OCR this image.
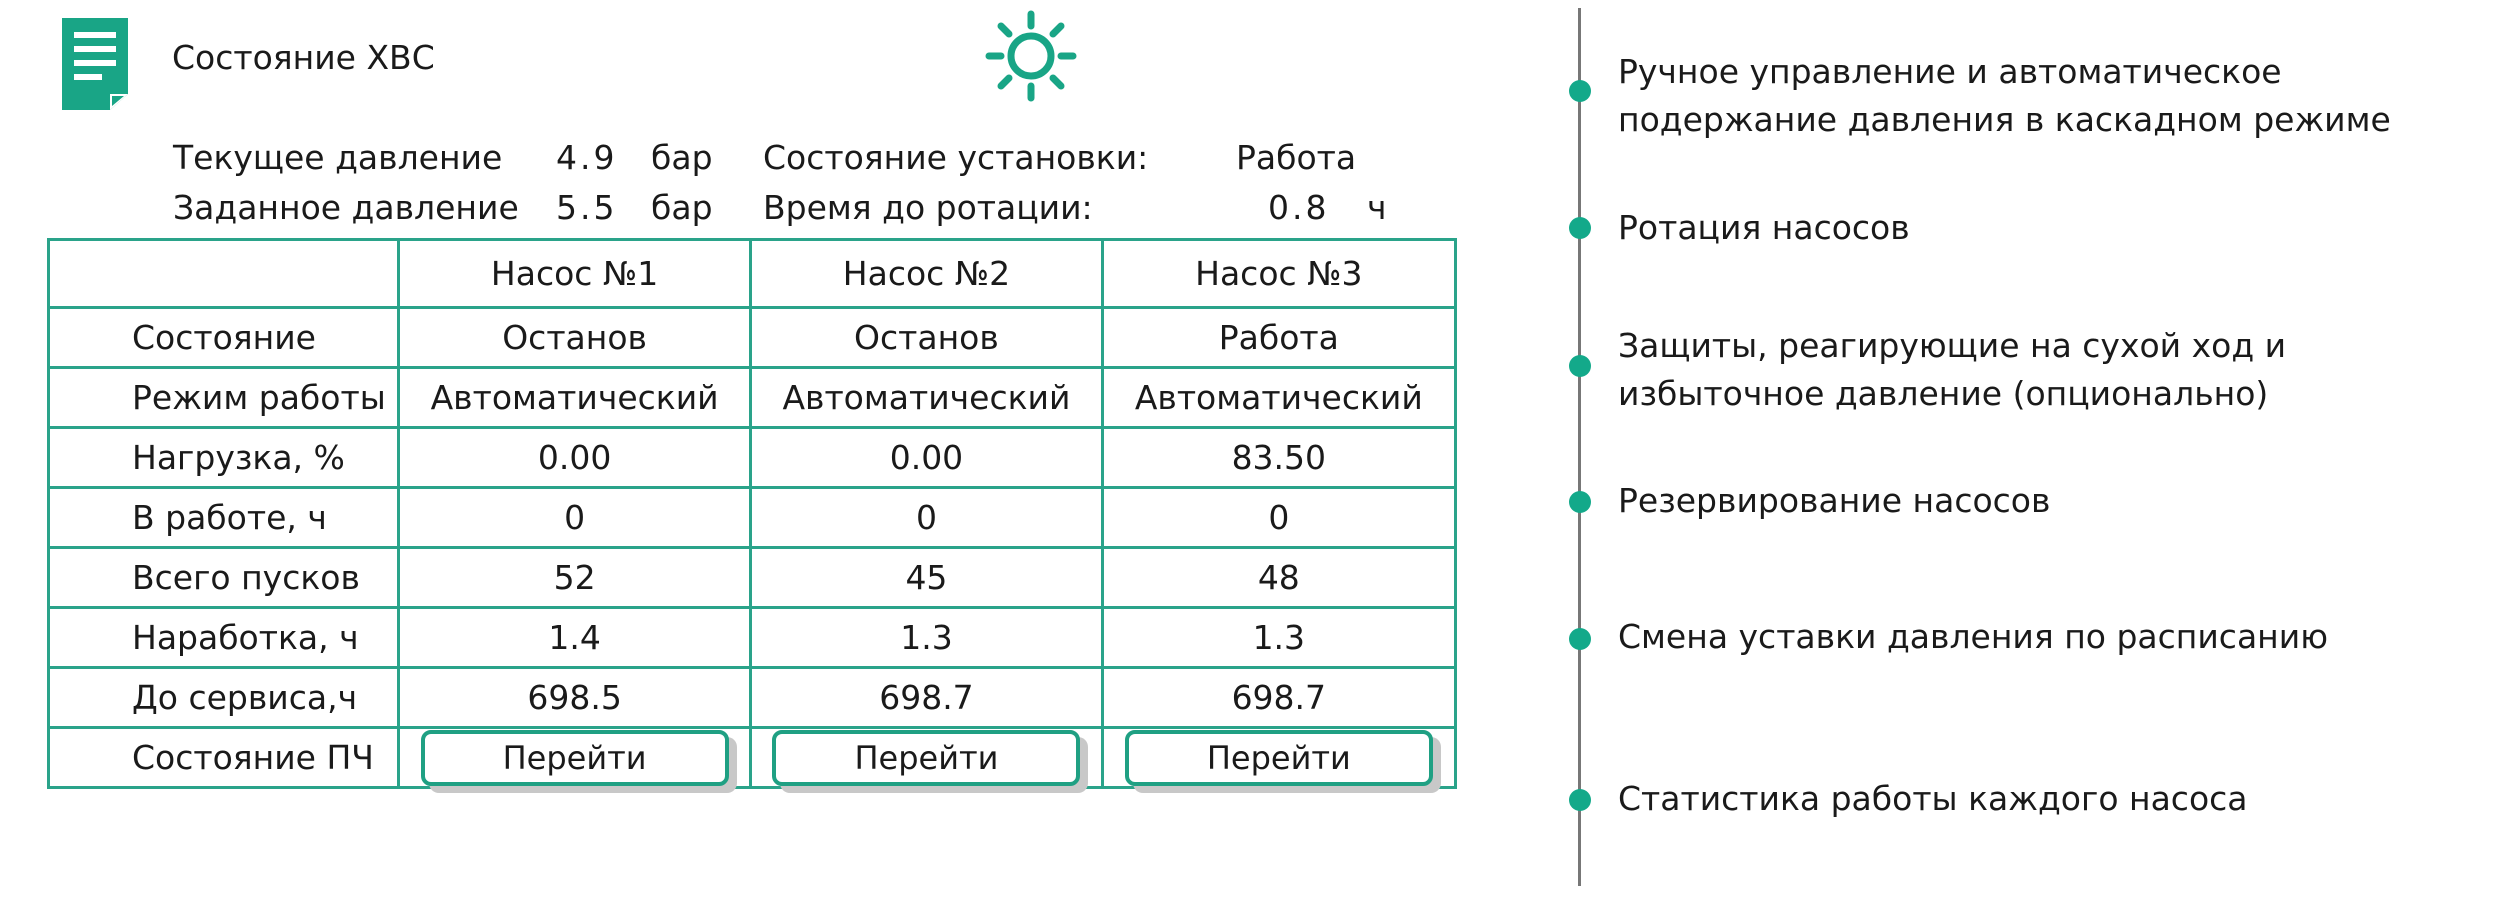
Состояние ХВС
Текущее давление 4.9 бар Состояние установки:	Работа
Заданное давление 5.5 бар Время до ротации:	0.8 ч
	Насос №1	Насос №2	Насос №3
Состояние	Останов	Останов	Работа
Режим работы	Автоматический	Автоматический	Автоматический
Нагрузка, %	0.00	0.00	83.50
В работе, ч	0	0	0
Всего пусков	52	45	48
Наработка, ч	1.4	1.3	1.3
До сервиса,ч	698.5	698.7	698.7
Состояние ПЧ	Перейти	Перейти	Перейти
Ручное управление и автоматическое подержание давления в каскадном режиме
Ротация насосов
Защиты, реагирующие на сухой ход и избыточное давление (опционально)
Резервирование насосов
Смена уставки давления по расписанию
Статистика работы каждого насоса
